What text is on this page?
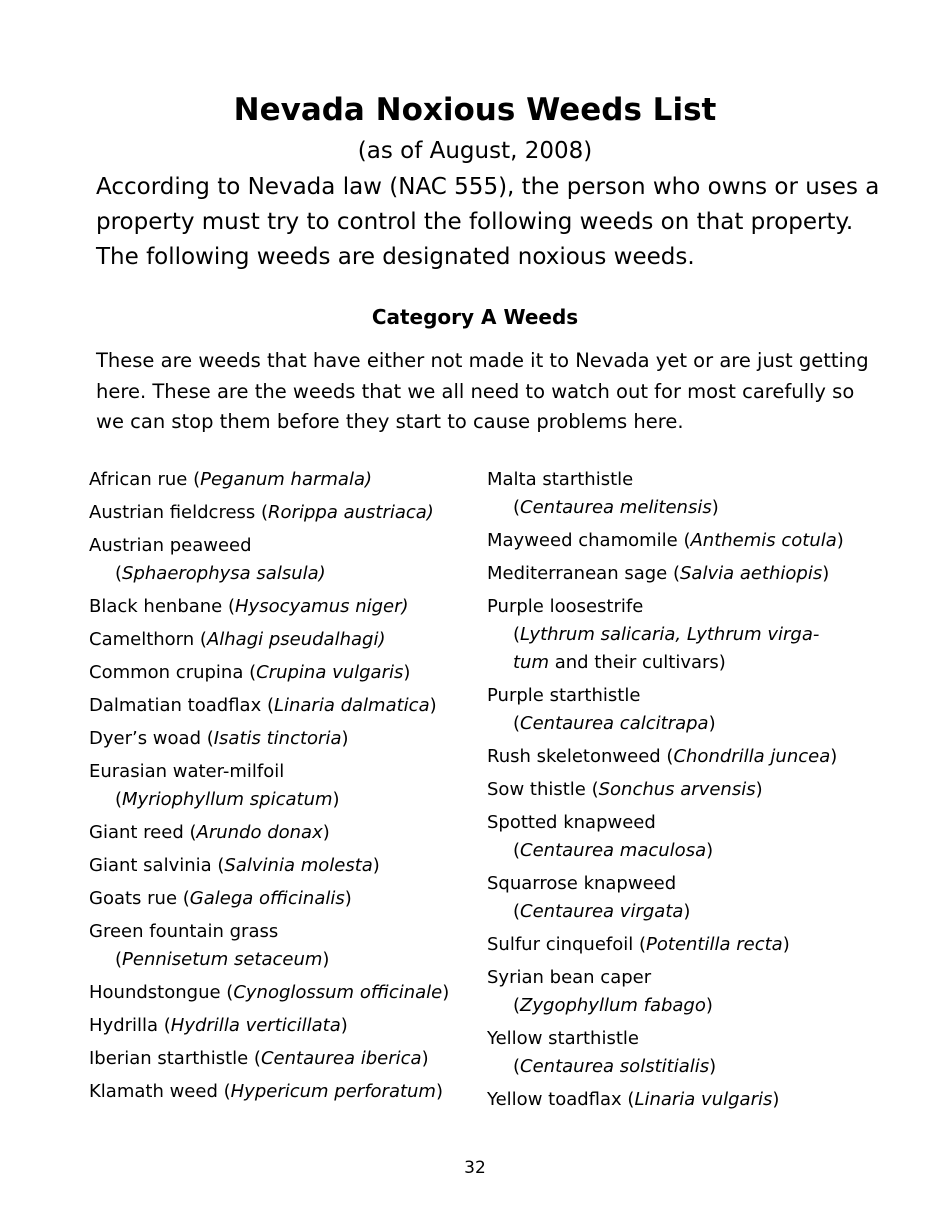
Nevada Noxious Weeds List
(as of August, 2008)
According to Nevada law (NAC 555), the person who owns or uses a property must try to control the following weeds on that property. The following weeds are designated noxious weeds.
Category A Weeds
These are weeds that have either not made it to Nevada yet or are just getting here. These are the weeds that we all need to watch out for most carefully so we can stop them before they start to cause problems here.
African rue (Peganum harmala)
Austrian fieldcress (Rorippa austriaca)
Austrian peaweed
(Sphaerophysa salsula)
Black henbane (Hysocyamus niger)
Camelthorn (Alhagi pseudalhagi)
Common crupina (Crupina vulgaris)
Dalmatian toadflax (Linaria dalmatica)
Dyer’s woad (Isatis tinctoria)
Eurasian water-milfoil
(Myriophyllum spicatum)
Giant reed (Arundo donax)
Giant salvinia (Salvinia molesta)
Goats rue (Galega officinalis)
Green fountain grass
(Pennisetum setaceum)
Houndstongue (Cynoglossum officinale)
Hydrilla (Hydrilla verticillata)
Iberian starthistle (Centaurea iberica)
Klamath weed (Hypericum perforatum)
Malta starthistle
(Centaurea melitensis)
Mayweed chamomile (Anthemis cotula)
Mediterranean sage (Salvia aethiopis)
Purple loosestrife
(Lythrum salicaria, Lythrum virga- tum and their cultivars)
Purple starthistle
(Centaurea calcitrapa)
Rush skeletonweed (Chondrilla juncea)
Sow thistle (Sonchus arvensis)
Spotted knapweed
(Centaurea maculosa)
Squarrose knapweed
(Centaurea virgata)
Sulfur cinquefoil (Potentilla recta)
Syrian bean caper
(Zygophyllum fabago)
Yellow starthistle
(Centaurea solstitialis)
Yellow toadflax (Linaria vulgaris)
32
